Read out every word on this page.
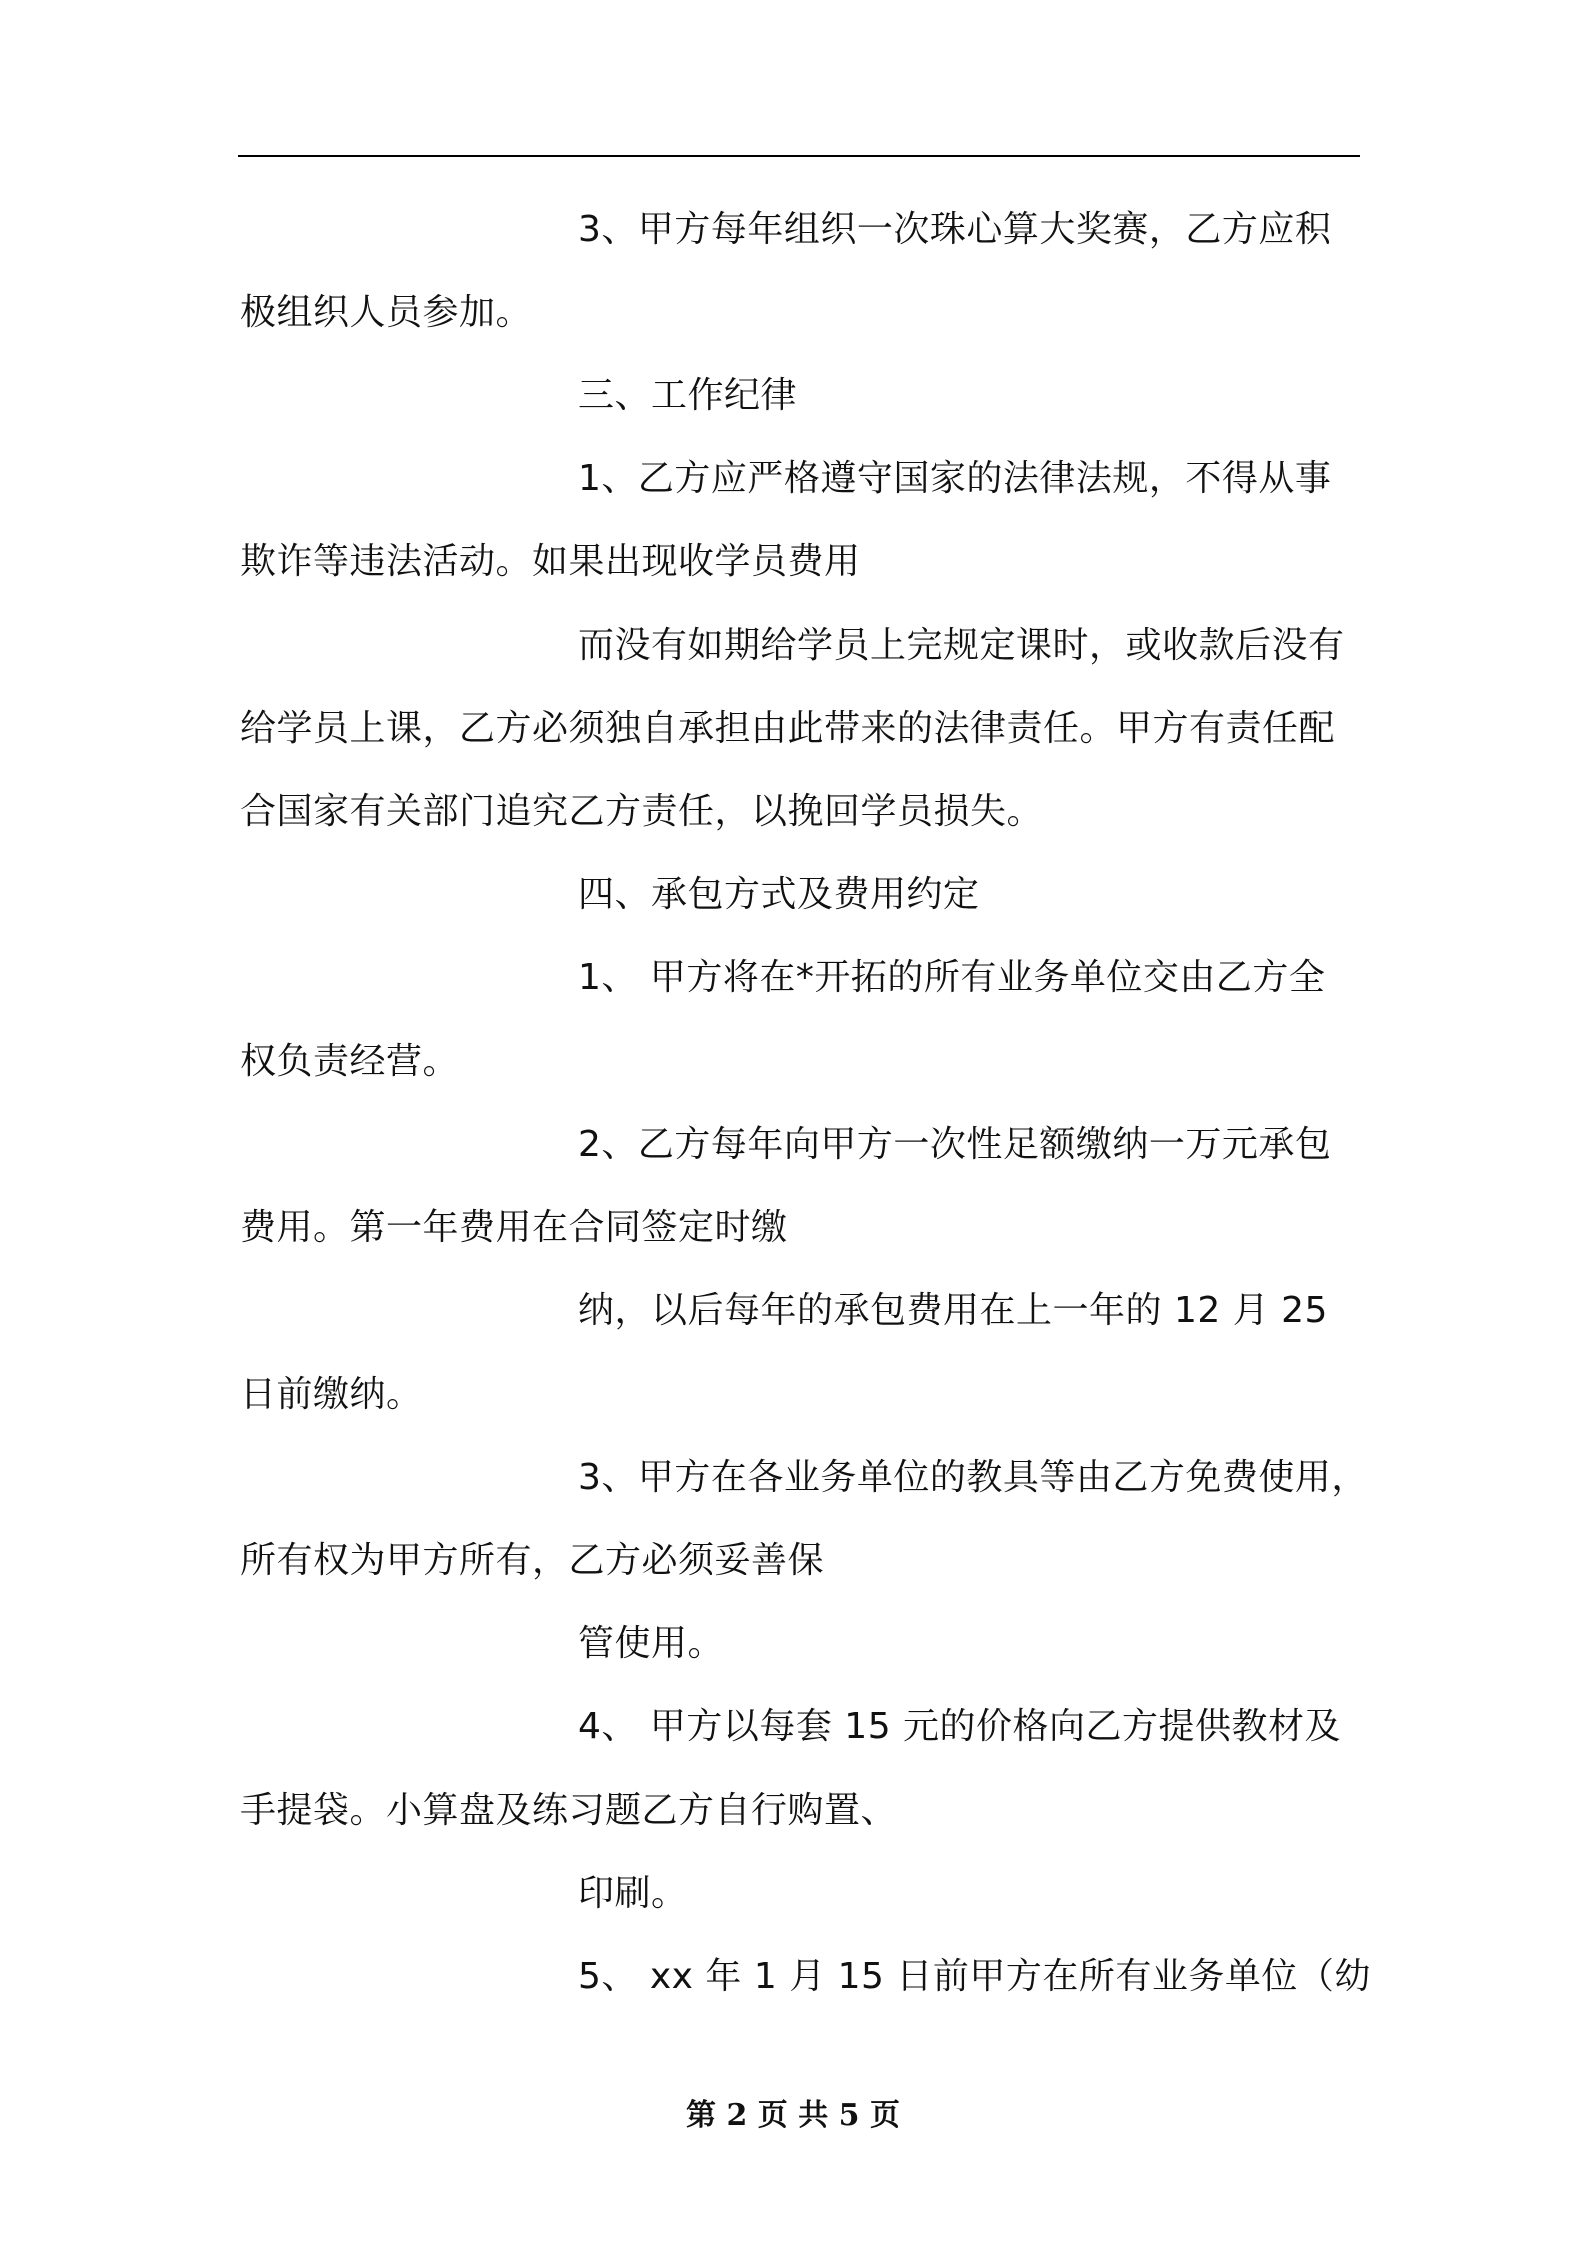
3、甲方每年组织一次珠心算大奖赛，乙方应积
极组织人员参加。
三、工作纪律
1、乙方应严格遵守国家的法律法规，不得从事
欺诈等违法活动。如果出现收学员费用
而没有如期给学员上完规定课时，或收款后没有
给学员上课，乙方必须独自承担由此带来的法律责任。甲方有责任配
合国家有关部门追究乙方责任，以挽回学员损失。
四、承包方式及费用约定
1、 甲方将在*开拓的所有业务单位交由乙方全
权负责经营。
2、乙方每年向甲方一次性足额缴纳一万元承包
费用。第一年费用在合同签定时缴
纳，以后每年的承包费用在上一年的 12 月 25
日前缴纳。
3、甲方在各业务单位的教具等由乙方免费使用，
所有权为甲方所有，乙方必须妥善保
管使用。
4、 甲方以每套 15 元的价格向乙方提供教材及
手提袋。小算盘及练习题乙方自行购置、
印刷。
5、 xx 年 1 月 15 日前甲方在所有业务单位（幼
第 2 页 共 5 页
